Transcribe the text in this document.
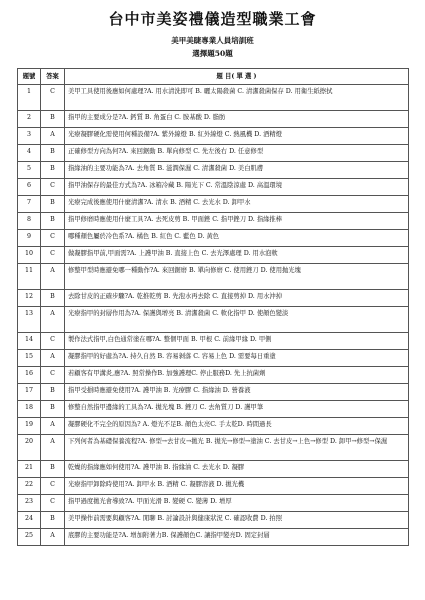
台中市美姿禮儀造型職業工會
美甲美睫專業人員培訓班
選擇題50題
題號	答案	題 目( 單 選 )
1	C	美甲工具使用後應如何處理?A. 用水清洗即可 B. 曬太陽殺菌 C. 清潔殺菌保存 D. 用衛生紙擦拭
2	B	指甲的主要成分是?A. 鈣質 B. 角蛋白 C. 胺基酸 D. 脂肪
3	A	光療凝膠硬化需使用何種設備?A. 紫外線燈 B. 紅外線燈 C. 熱風機 D. 酒精燈
4	B	正確修型方向為何?A. 來回鋸動 B. 單向修型 C. 先左後右 D. 任意修型
5	B	指緣油的主要功能為?A. 去角質 B. 滋潤保濕 C. 清潔殺菌 D. 美白肌膚
6	C	指甲油保存的最佳方式為?A. 冰箱冷藏 B. 陽光下 C. 常溫陰涼處 D. 高溫環境
7	B	光療完成後應使用什麼清潔?A. 清水 B. 酒精 C. 去光水 D. 卸甲水
8	B	指甲修磨時應使用什麼工具?A. 去死皮剪 B. 甲面銼 C. 指甲銼刀 D. 指緣推棒
9	C	哪種顏色屬於冷色系?A. 橘色 B. 紅色 C. 藍色 D. 黃色
10	C	做凝膠指甲前,甲面需?A. 上護甲油 B. 直接上色 C. 去光澤處理 D. 用水泡軟
11	A	修整甲型時應避免哪一種動作?A. 來回鋸磨 B. 單向修磨 C. 使用銼刀 D. 使用抛光塊
12	B	去除甘皮的正確步驟?A. 乾推乾剪 B. 先泡水再去除 C. 直接剪掉 D. 用水沖掉
13	A	光療指甲的封層作用為?A. 保護與增亮 B. 清潔殺菌 C. 軟化指甲 D. 使顏色變淡
14	C	製作法式指甲,白色通常塗在哪?A. 整個甲面 B. 甲根 C. 前緣甲緣 D. 甲側
15	A	凝膠指甲的好處為?A. 持久自然 B. 容易剝落 C. 容易上色 D. 需要每日重塗
16	C	若顧客有甲溝炎,應?A. 照常操作B. 加強護理C. 停止服務D. 先上抗菌劑
17	B	指甲受損時應避免使用?A. 護甲油 B. 光療膠 C. 指緣油 D. 營養液
18	B	修整自然指甲邊緣的工具為?A. 拋光塊 B. 銼刀 C. 去角質刀 D. 護甲筆
19	A	凝膠硬化不完全的原因為? A. 燈光不足B. 顏色太亮C. 手太乾D. 時間過長
20	A	下列何者為基礎保養流程?A. 修型→去甘皮→拋光 B. 拋光→修型→塗油 C. 去甘皮→上色→修型 D. 卸甲→修型→保濕
21	B	乾燥的指緣應如何使用?A. 護甲油 B. 指緣油 C. 去光水 D. 凝膠
22	C	光療指甲卸除時使用?A. 卸甲水 B. 酒精 C. 凝膠溶液 D. 拋光機
23	C	指甲過度拋光會導致?A. 甲面光滑 B. 變硬 C. 變薄 D. 增厚
24	B	美甲操作前需要與顧客?A. 閒聊 B. 討論設計與健康狀況 C. 確認收費 D. 拍照
25	A	底膠的主要功能是?A. 增加附著力B. 保護顏色C. 讓指甲變亮D. 固定封層
